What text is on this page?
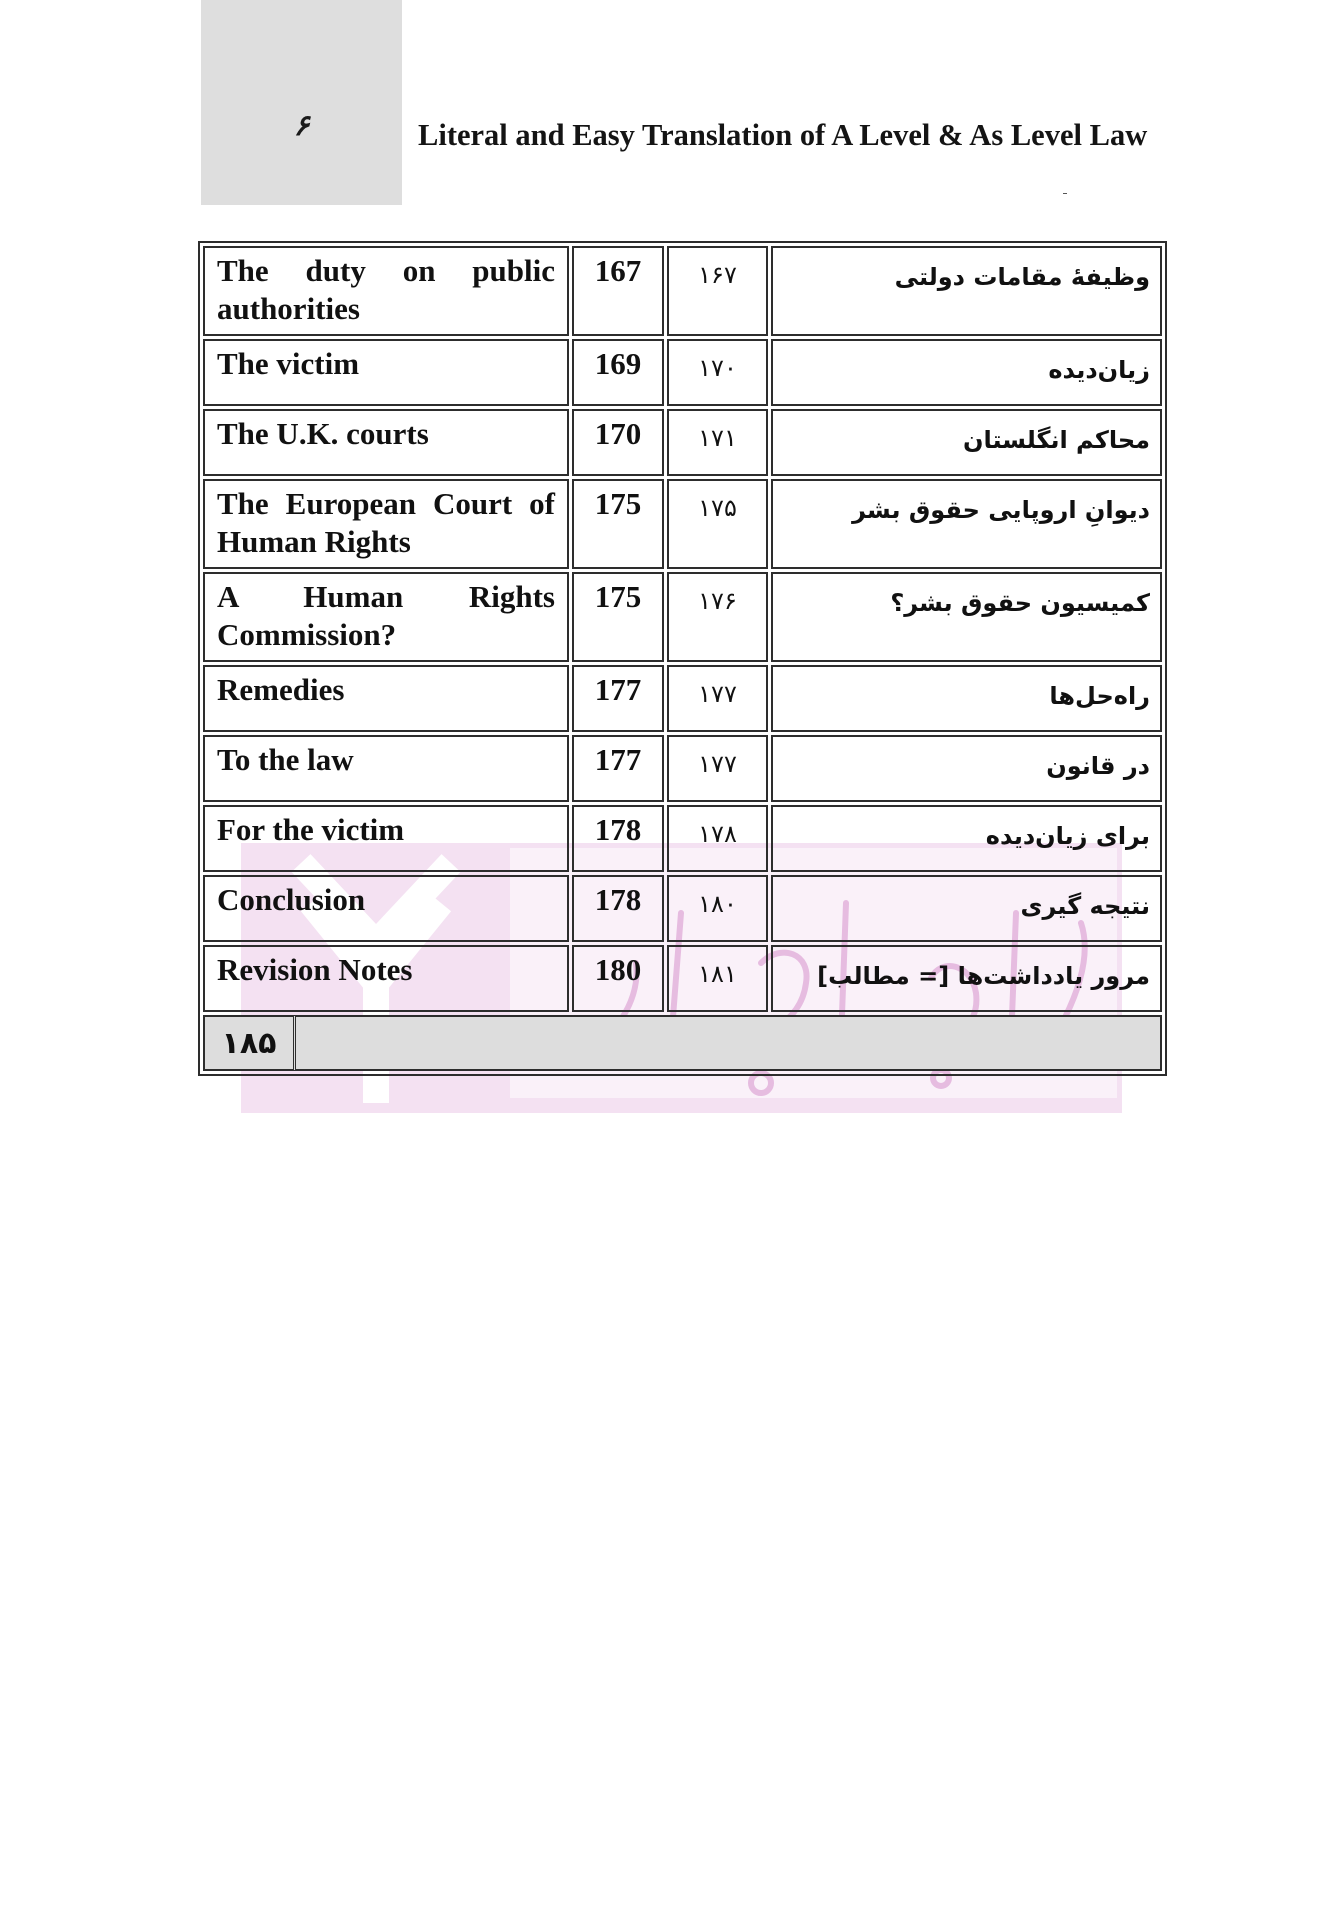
۶	Literal and Easy Translation of A Level & As Level Law
The duty on public authorities	167	۱۶۷	وظیفهٔ مقامات دولتی
The victim	169	۱۷۰	زیان‌دیده
The U.K. courts	170	۱۷۱	محاکم انگلستان
The European Court of Human Rights	175	۱۷۵	دیوانِ اروپایی حقوق بشر
A Human Rights Commission?	175	۱۷۶	کمیسیون حقوق بشر؟
Remedies	177	۱۷۷	راه‌حل‌ها
To the law	177	۱۷۷	در قانون
For the victim	178	۱۷۸	برای زیان‌دیده
Conclusion	178	۱۸۰	نتیجه گیری
Revision Notes	180	۱۸۱	مرور یادداشت‌ها [= مطالب]

۱۸۵			
